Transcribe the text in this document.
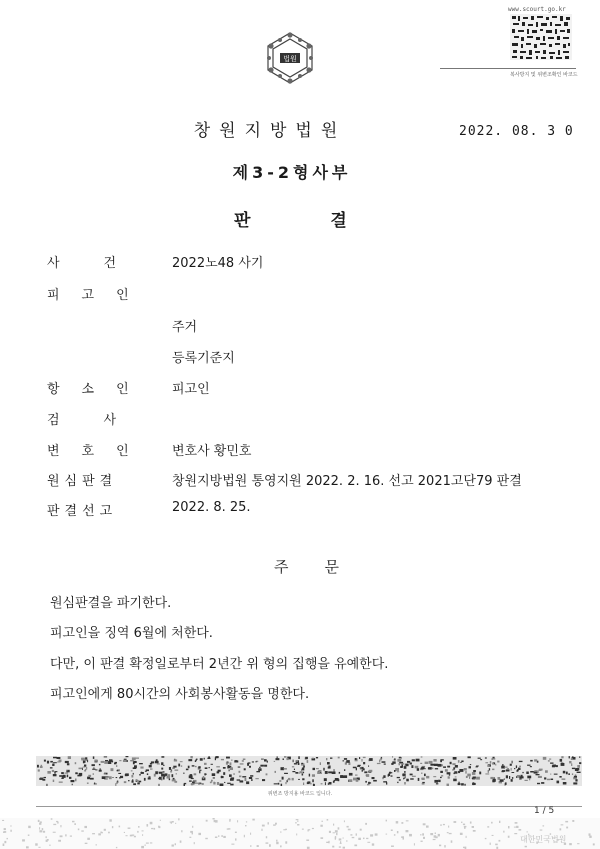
법원
www.scourt.go.kr
복사방지 및 위변조확인 바코드
창원지방법원	2022. 08. 3 0
제3-2형사부
판결
사건 2022노48 사기
피고인
주거
등록기준지
항소인 피고인
검사
변호인 변호사 황민호
원심판결	창원지방법원 통영지원 2022. 2. 16. 선고 2021고단79 판결
판결선고	2022. 8. 25.
주문
원심판결을 파기한다.
피고인을 징역 6월에 처한다.
다만, 이 판결 확정일로부터 2년간 위 형의 집행을 유예한다.
피고인에게 80시간의 사회봉사활동을 명한다.
위변조 방지용 바코드 입니다.
1 / 5
대한민국법원
